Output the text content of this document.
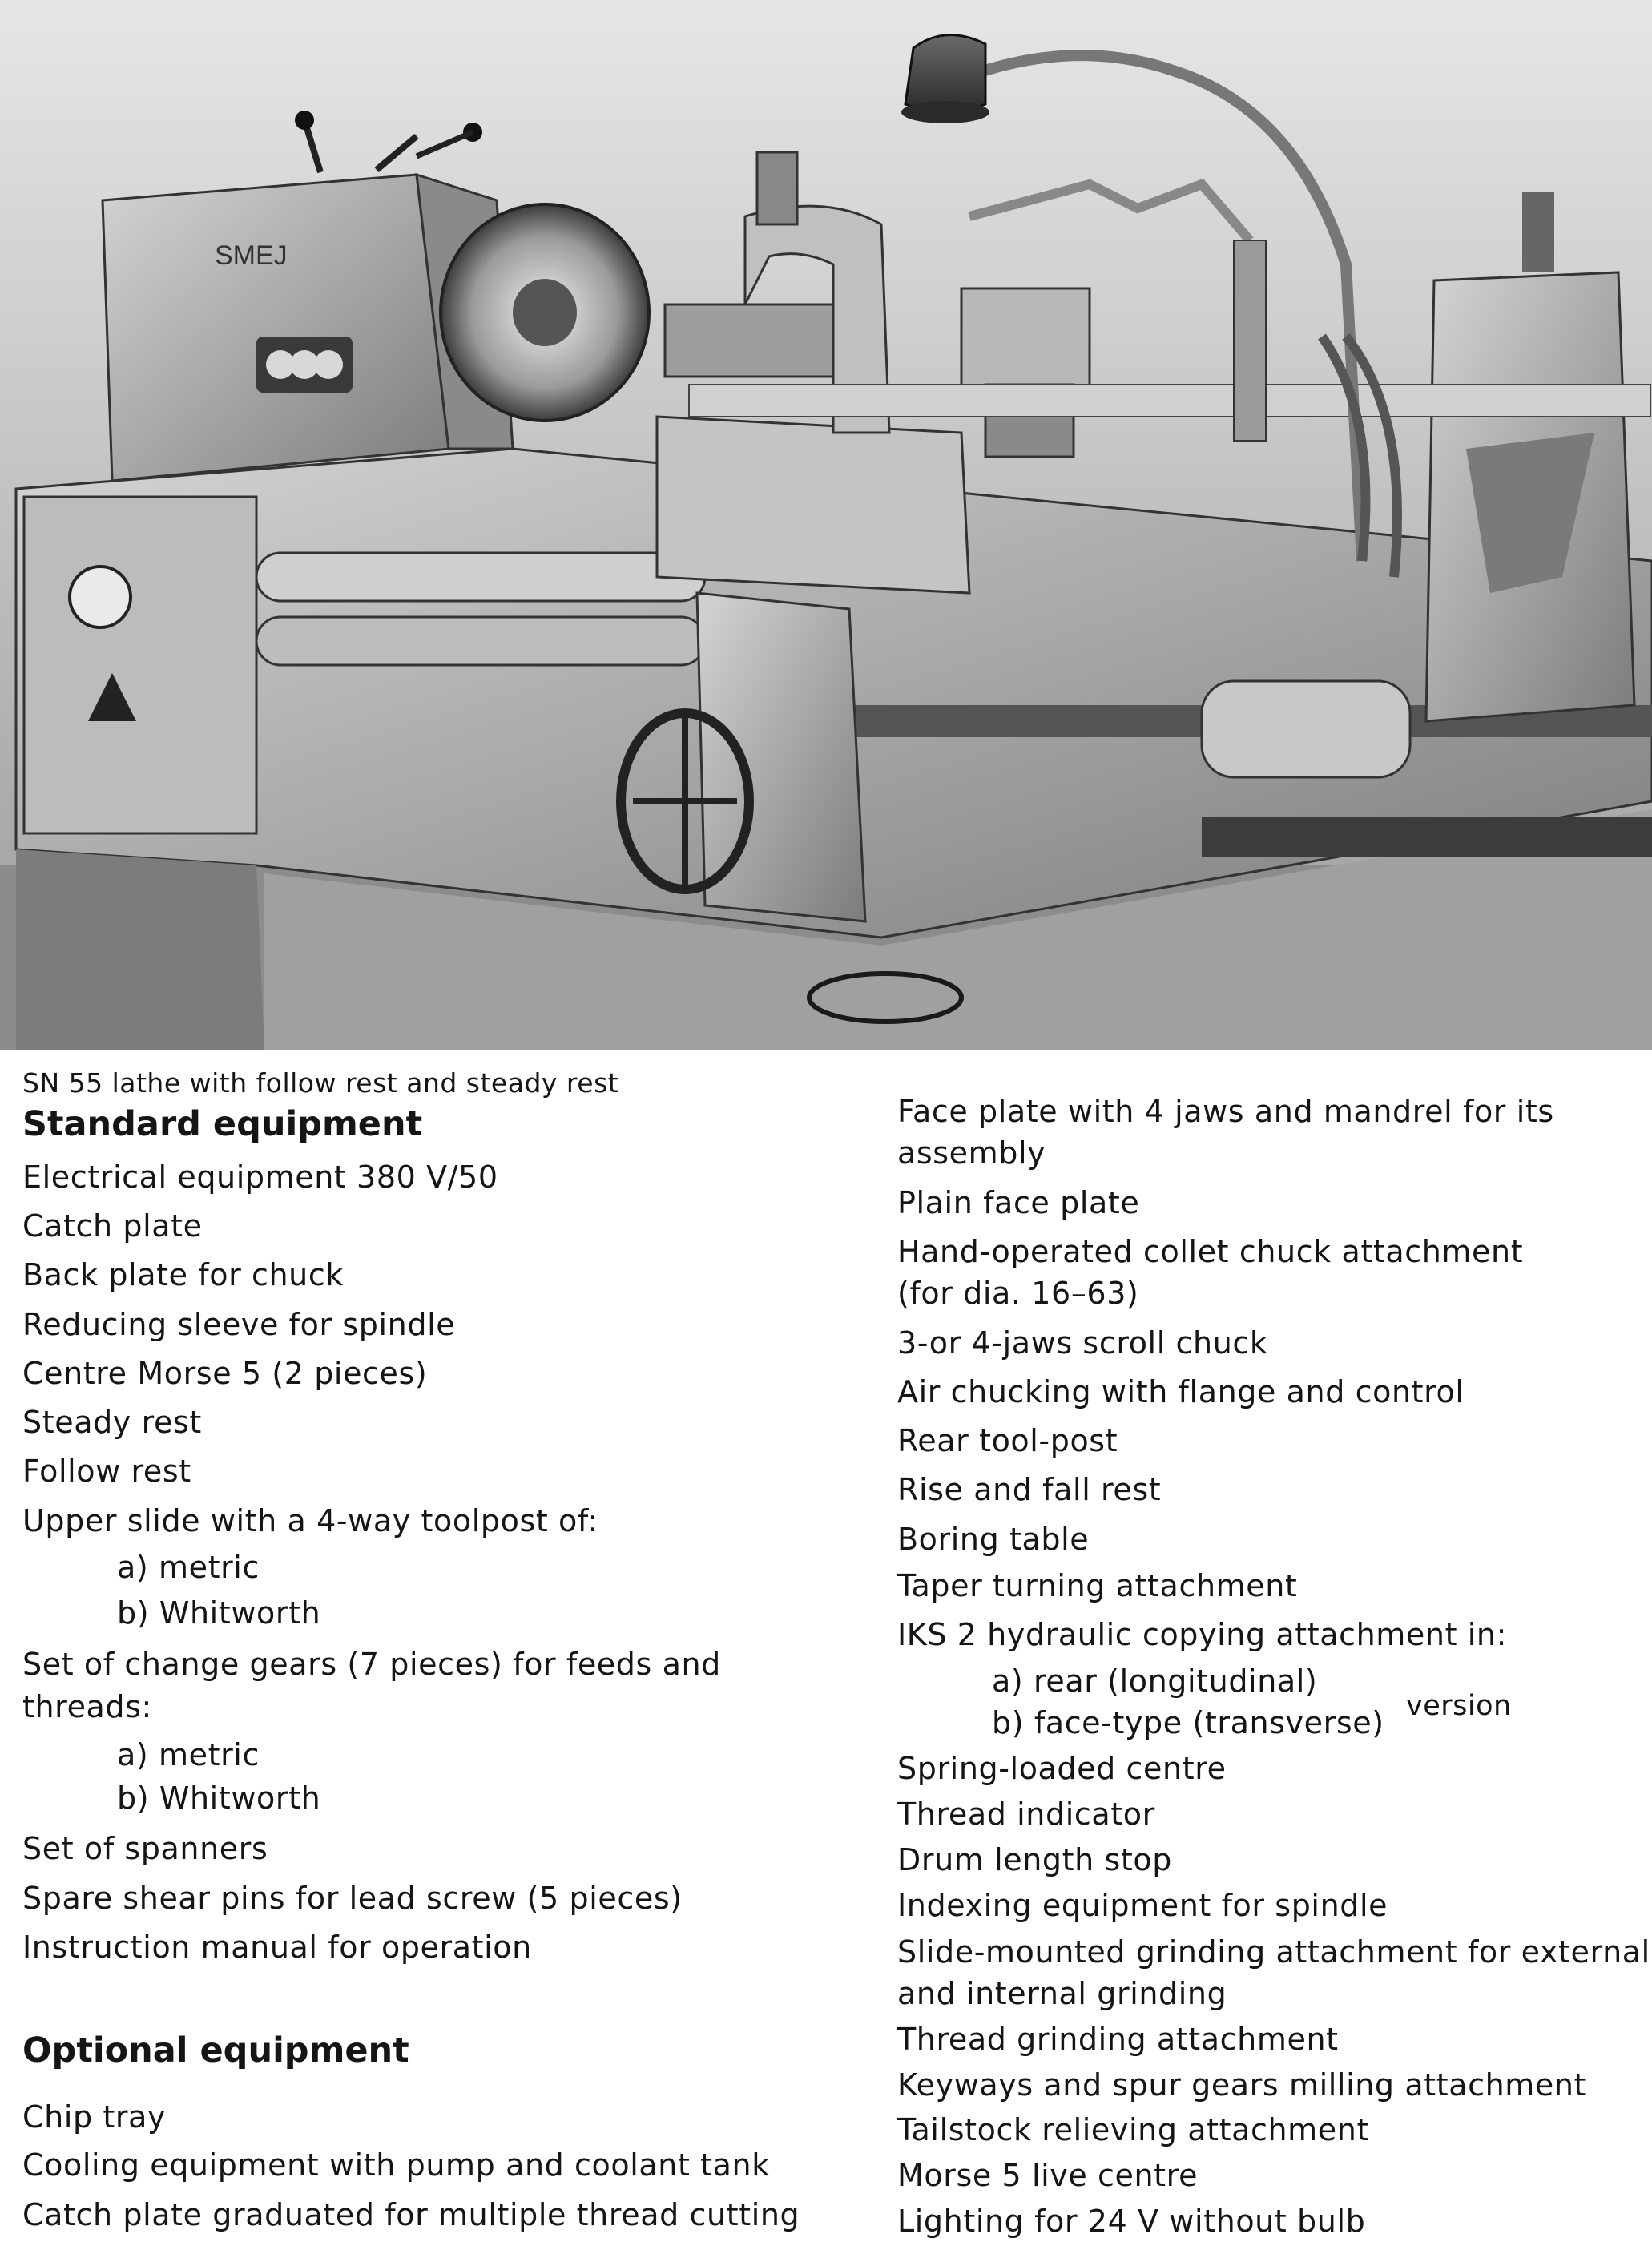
SMEJ
SN 55 lathe with follow rest and steady rest
Standard equipment
Electrical equipment 380 V/50
Catch plate
Back plate for chuck
Reducing sleeve for spindle
Centre Morse 5 (2 pieces)
Steady rest
Follow rest
Upper slide with a 4-way toolpost of:
a) metric
b) Whitworth
Set of change gears (7 pieces) for feeds and
threads:
a) metric
b) Whitworth
Set of spanners
Spare shear pins for lead screw (5 pieces)
Instruction manual for operation
Optional equipment
Chip tray
Cooling equipment with pump and coolant tank
Catch plate graduated for multiple thread cutting
Face plate with 4 jaws and mandrel for its
assembly
Plain face plate
Hand-operated collet chuck attachment
(for dia. 16–63)
3-or 4-jaws scroll chuck
Air chucking with flange and control
Rear tool-post
Rise and fall rest
Boring table
Taper turning attachment
IKS 2 hydraulic copying attachment in:
a) rear (longitudinal)
b) face-type (transverse) version
Spring-loaded centre
Thread indicator
Drum length stop
Indexing equipment for spindle
Slide-mounted grinding attachment for external
and internal grinding
Thread grinding attachment
Keyways and spur gears milling attachment
Tailstock relieving attachment
Morse 5 live centre
Lighting for 24 V without bulb
